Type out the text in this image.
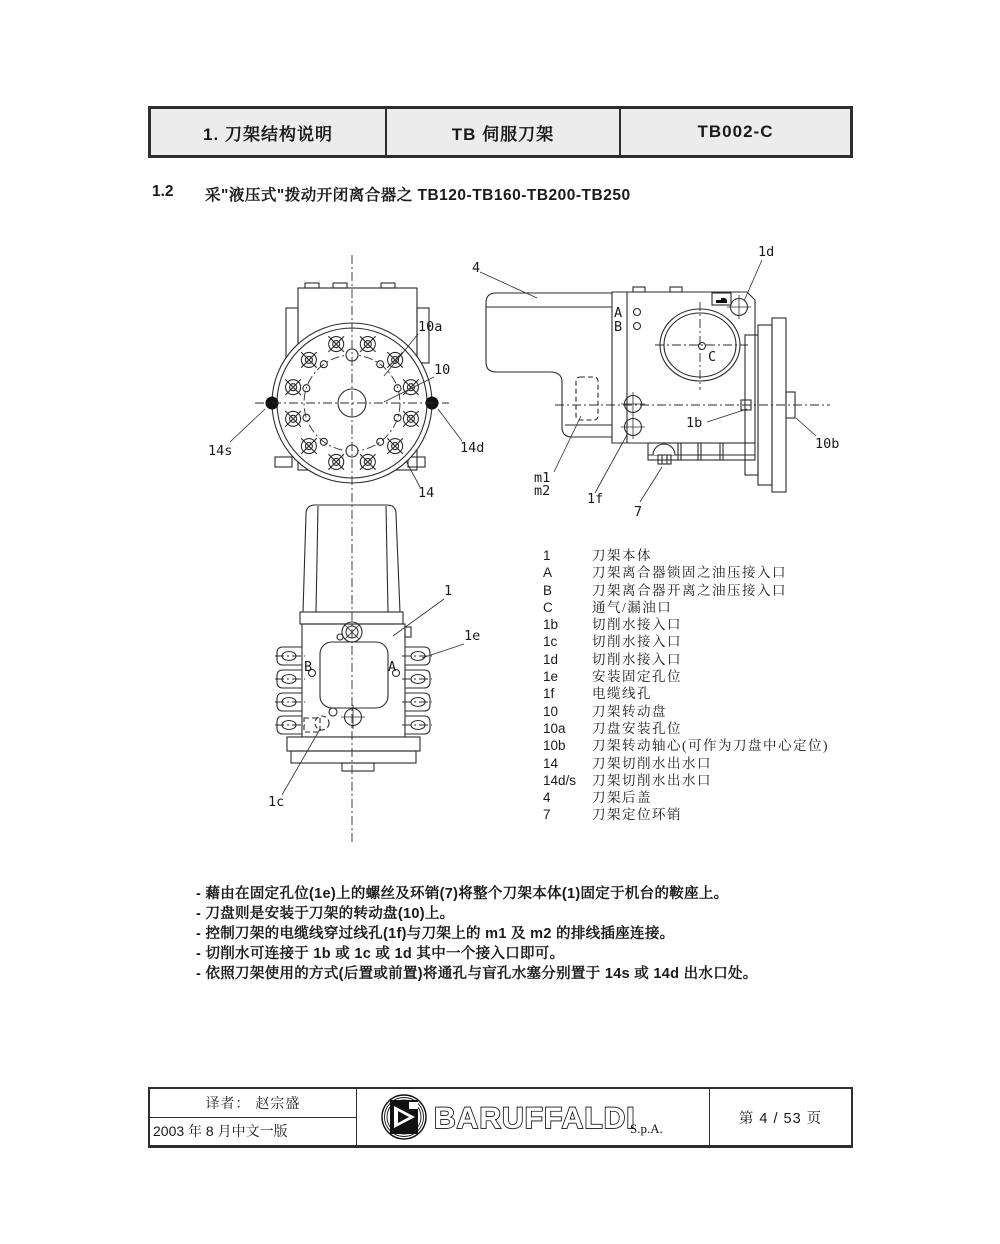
1. 刀架结构说明	TB 伺服刀架	TB002-C
1.2	采"液压式"拨动开闭离合器之 TB120-TB160-TB200-TB250
4
1d
A
B
C
1b
10b
m1
m2	1f
7
10a
10
14s	14d
14
1
1e
B	A
1c
1	刀架本体
A	刀架离合器锁固之油压接入口
B	刀架离合器开离之油压接入口
C	通气/漏油口
1b	切削水接入口
1c	切削水接入口
1d	切削水接入口
1e	安装固定孔位
1f	电缆线孔
10	刀架转动盘
10a	刀盘安装孔位
10b	刀架转动轴心(可作为刀盘中心定位)
14	刀架切削水出水口
14d/s	刀架切削水出水口
4	刀架后盖
7	刀架定位环销
- 藉由在固定孔位(1e)上的螺丝及环销(7)将整个刀架本体(1)固定于机台的鞍座上。
- 刀盘则是安装于刀架的转动盘(10)上。
- 控制刀架的电缆线穿过线孔(1f)与刀架上的 m1 及 m2 的排线插座连接。
- 切削水可连接于 1b 或 1c 或 1d 其中一个接入口即可。
- 依照刀架使用的方式(后置或前置)将通孔与盲孔水塞分别置于 14s 或 14d 出水口处。
译者： 赵宗盛
2003 年 8 月中文一版	BARUFFALDI
S.p.A.
第 4 / 53 页
